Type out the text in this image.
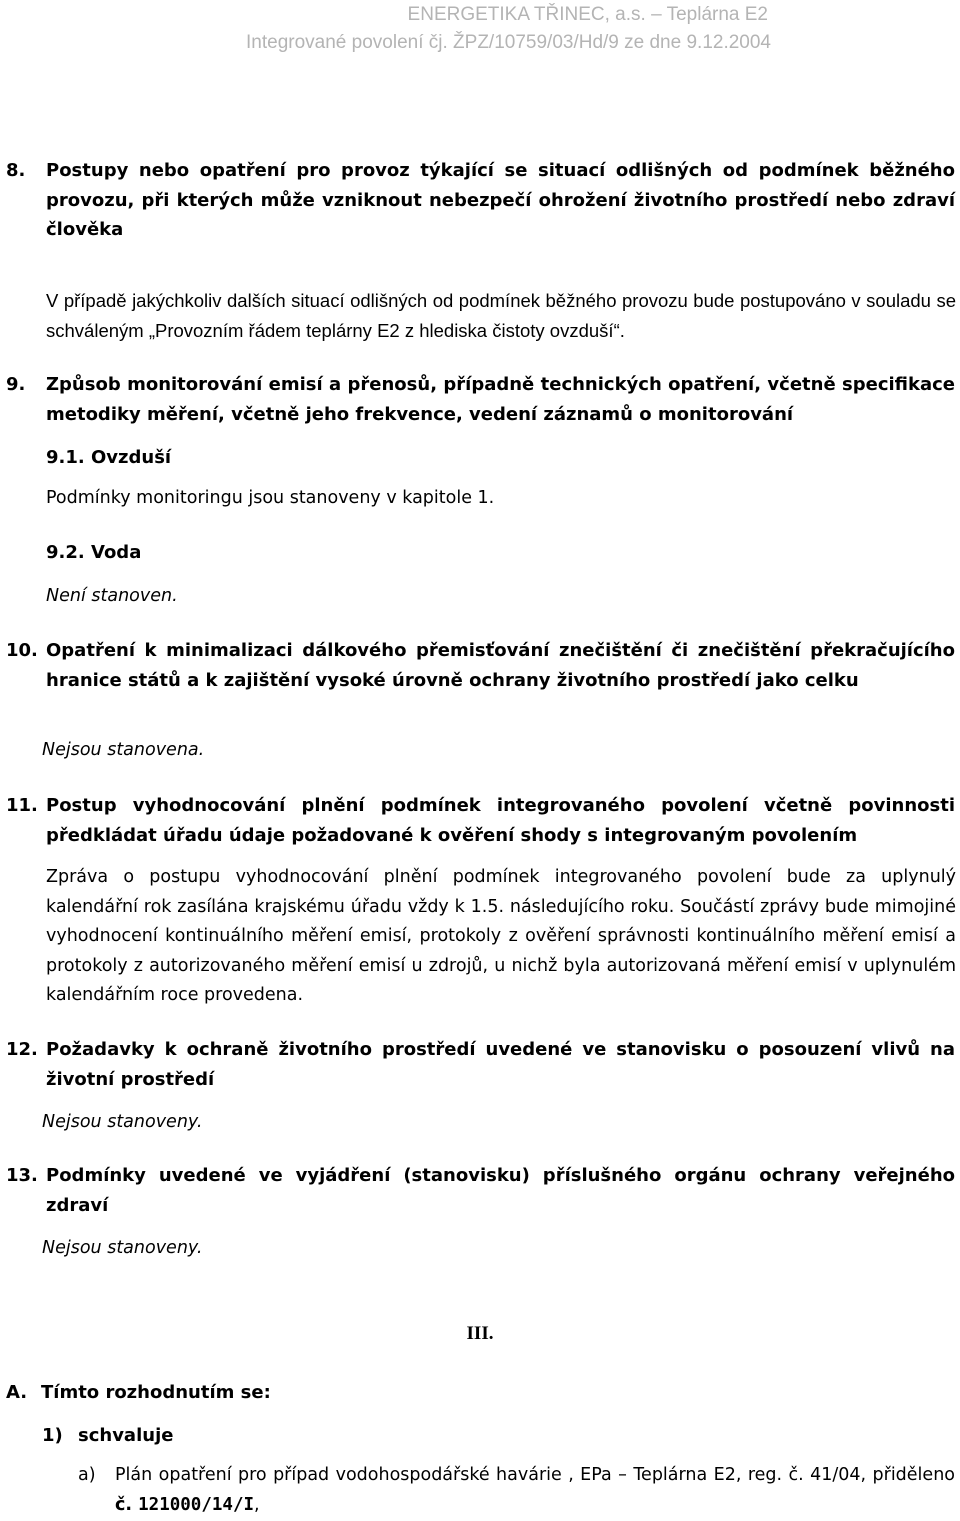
ENERGETIKA TŘINEC, a.s. – Teplárna E2
Integrované povolení čj. ŽPZ/10759/03/Hd/9 ze dne 9.12.2004
8. Postupy nebo opatření pro provoz týkající se situací odlišných od podmínek běžného provozu, při kterých může vzniknout nebezpečí ohrožení životního prostředí nebo zdraví člověka
V případě jakýchkoliv dalších situací odlišných od podmínek běžného provozu bude postupováno v souladu se schváleným „Provozním řádem teplárny E2 z hlediska čistoty ovzduší“.
9. Způsob monitorování emisí a přenosů, případně technických opatření, včetně specifikace metodiky měření, včetně jeho frekvence, vedení záznamů o monitorování
9.1. Ovzduší
Podmínky monitoringu jsou stanoveny v kapitole 1.
9.2. Voda
Není stanoven.
10. Opatření k minimalizaci dálkového přemisťování znečištění či znečištění překračujícího hranice států a k zajištění vysoké úrovně ochrany životního prostředí jako celku
Nejsou stanovena.
11. Postup vyhodnocování plnění podmínek integrovaného povolení včetně povinnosti předkládat úřadu údaje požadované k ověření shody s integrovaným povolením
Zpráva o postupu vyhodnocování plnění podmínek integrovaného povolení bude za uplynulý kalendářní rok zasílána krajskému úřadu vždy k 1.5. následujícího roku. Součástí zprávy bude mimojiné vyhodnocení kontinuálního měření emisí, protokoly z ověření správnosti kontinuálního měření emisí a protokoly z autorizovaného měření emisí u zdrojů, u nichž byla autorizovaná měření emisí v uplynulém kalendářním roce provedena.
12. Požadavky k ochraně životního prostředí uvedené ve stanovisku o posouzení vlivů na životní prostředí
Nejsou stanoveny.
13. Podmínky uvedené ve vyjádření (stanovisku) příslušného orgánu ochrany veřejného zdraví
Nejsou stanoveny.
III.
A. Tímto rozhodnutím se:
1) schvaluje
a)	Plán opatření pro případ vodohospodářské havárie , EPa – Teplárna E2, reg. č. 41/04, přiděleno č. 121000/14/I,
